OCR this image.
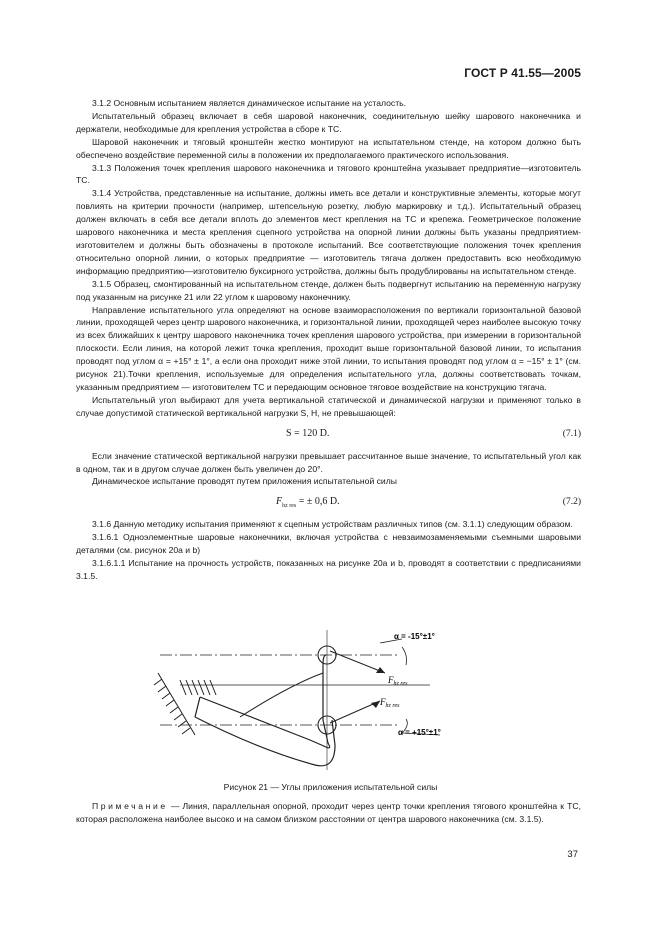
ГОСТ Р 41.55—2005

3.1.2 Основным испытанием является динамическое испытание на усталость.

Испытательный образец включает в себя шаровой наконечник, соединительную шейку шарового наконечника и держатели, необходимые для крепления устройства в сборе к ТС.

Шаровой наконечник и тяговый кронштейн жестко монтируют на испытательном стенде, на котором должно быть обеспечено воздействие переменной силы в положении их предполагаемого практического использования.

3.1.3 Положения точек крепления шарового наконечника и тягового кронштейна указывает предприятие—изготовитель ТС.

3.1.4 Устройства, представленные на испытание, должны иметь все детали и конструктивные элементы, которые могут повлиять на критерии прочности (например, штепсельную розетку, любую маркировку и т.д.). Испытательный образец должен включать в себя все детали вплоть до элементов мест крепления на ТС и крепежа. Геометрическое положение шарового наконечника и места крепления сцепного устройства на опорной линии должны быть указаны предприятием-изготовителем и должны быть обозначены в протоколе испытаний. Все соответствующие положения точек крепления относительно опорной линии, о которых предприятие — изготовитель тягача должен предоставить всю необходимую информацию предприятию—изготовителю буксирного устройства, должны быть продублированы на испытательном стенде.

3.1.5 Образец, смонтированный на испытательном стенде, должен быть подвергнут испытанию на переменную нагрузку под указанным на рисунке 21 или 22 углом к шаровому наконечнику.

Направление испытательного угла определяют на основе взаиморасположения по вертикали горизонтальной базовой линии, проходящей через центр шарового наконечника, и горизонтальной линии, проходящей через наиболее высокую точку из всех ближайших к центру шарового наконечника точек крепления шарового устройства, при измерении в горизонтальной плоскости. Если линия, на которой лежит точка крепления, проходит выше горизонтальной базовой линии, то испытания проводят под углом α = +15° ± 1°, а если она проходит ниже этой линии, то испытания проводят под углом α = −15° ± 1° (см. рисунок 21).Точки крепления, используемые для определения испытательного угла, должны соответствовать точкам, указанным предприятием — изготовителем ТС и передающим основное тяговое воздействие на конструкцию тягача.

Испытательный угол выбирают для учета вертикальной статической и динамической нагрузки и применяют только в случае допустимой статической вертикальной нагрузки S, H, не превышающей:

S = 120 D.	(7.1)

Если значение статической вертикальной нагрузки превышает рассчитанное выше значение, то испытательный угол как в одном, так и в другом случае должен быть увеличен до 20°.

Динамическое испытание проводят путем приложения испытательной силы

$F_{hz res}$ = ± 0,6 D.	(7.2)

3.1.6 Данную методику испытания применяют к сцепным устройствам различных типов (см. 3.1.1) следующим образом.

3.1.6.1 Одноэлементные шаровые наконечники, включая устройства с невзаимозаменяемыми съемными шаровыми деталями (см. рисунок 20a и b)

3.1.6.1.1 Испытание на прочность устройств, показанных на рисунке 20a и b, проводят в соответствии с предписаниями 3.1.5.

α = -15°±1°
α = +15°±1°
$F_{hz res}$
$F_{hz res}$
Рисунок 21 — Углы приложения испытательной силы
Примечание — Линия, параллельная опорной, проходит через центр точки крепления тягового кронштейна к ТС, которая расположена наиболее высоко и на самом близком расстоянии от центра шарового наконечника (см. 3.1.5).
37
